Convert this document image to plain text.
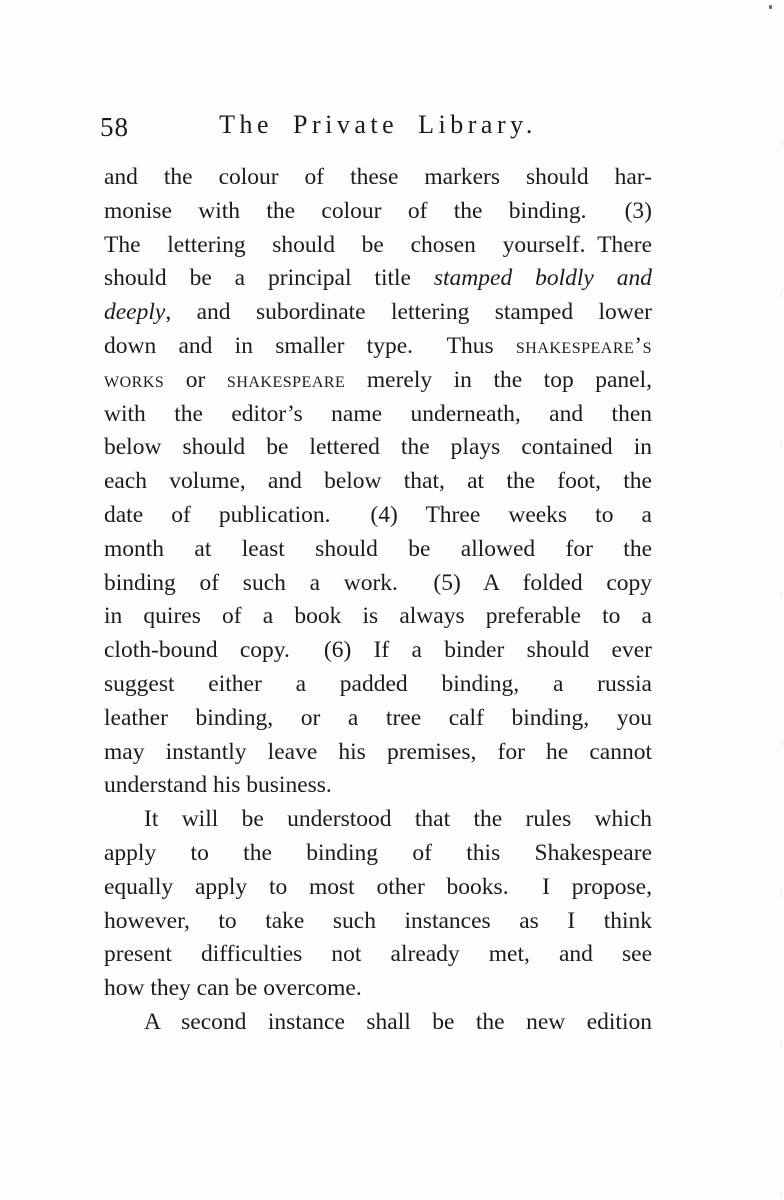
58	The Private Library.
and the colour of these markers should har-
monise with the colour of the binding.  (3)
The lettering should be chosen yourself. There
should be a principal title stamped boldly and
deeply, and subordinate lettering stamped lower
down and in smaller type.  Thus shakespeare’s
works or shakespeare merely in the top panel,
with the editor’s name underneath, and then
below should be lettered the plays contained in
each volume, and below that, at the foot, the
date of publication.  (4) Three weeks to a
month at least should be allowed for the
binding of such a work.  (5) A folded copy
in quires of a book is always preferable to a
cloth-bound copy.  (6) If a binder should ever
suggest either a padded binding, a russia
leather binding, or a tree calf binding, you
may instantly leave his premises, for he cannot
understand his business.
It will be understood that the rules which
apply to the binding of this Shakespeare
equally apply to most other books.  I propose,
however, to take such instances as I think
present difficulties not already met, and see
how they can be overcome.
A second instance shall be the new edition
